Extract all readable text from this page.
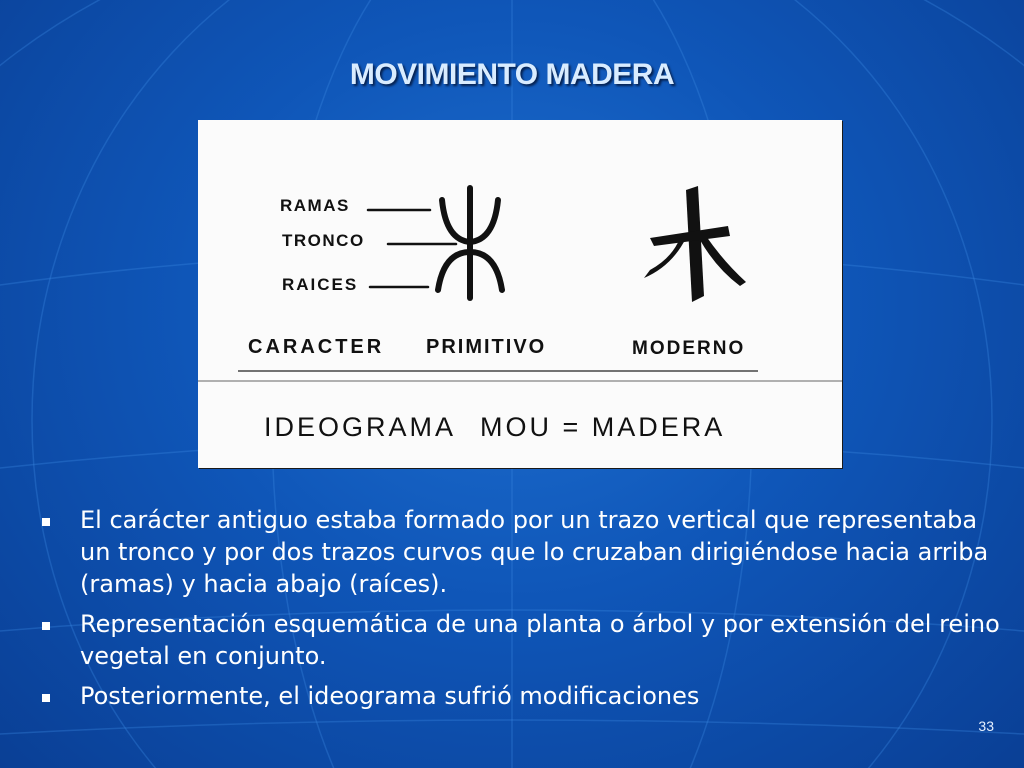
MOVIMIENTO MADERA
RAMAS
TRONCO
RAICES
CARACTER PRIMITIVO	MODERNO
IDEOGRAMA MOU = MADERA
El carácter antiguo estaba formado por un trazo vertical que representaba un tronco y por dos trazos curvos que lo cruzaban dirigiéndose hacia arriba (ramas) y hacia abajo (raíces).
Representación esquemática de una planta o árbol y por extensión del reino vegetal en conjunto.
Posteriormente, el ideograma sufrió modificaciones
33
